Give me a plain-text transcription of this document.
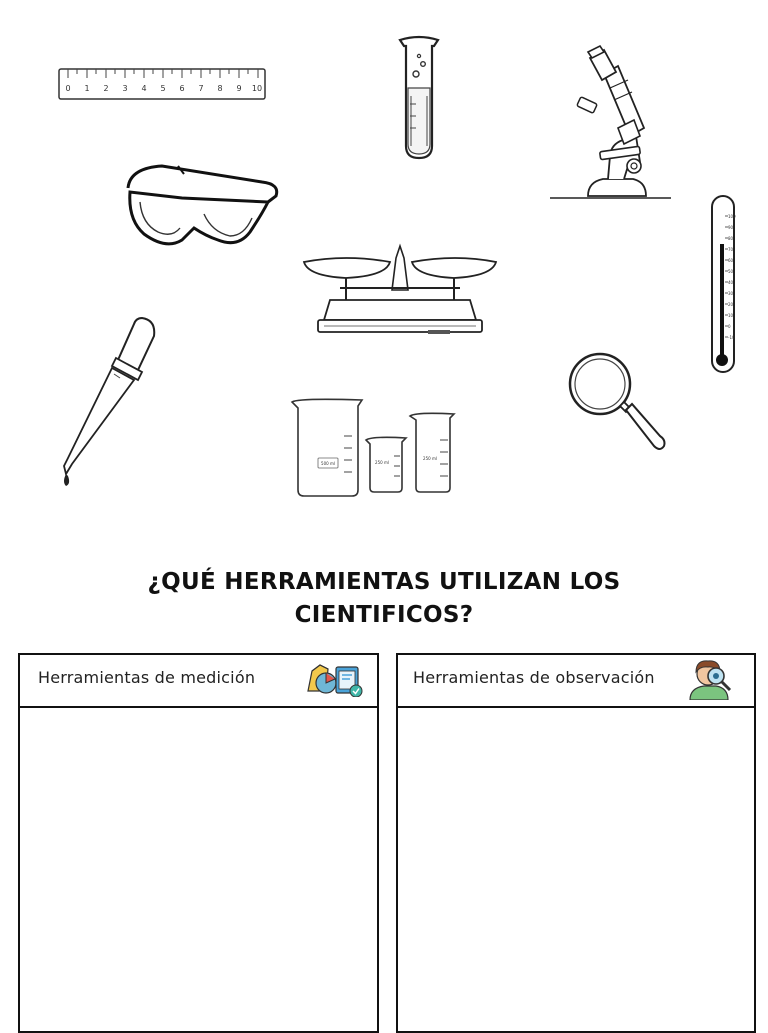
0 1 2 3 4 5 6 7 8 9 10
100
90
80
70
60
50
40
30
20
10
0
-10
500 ml	250 ml
250 ml
¿QUÉ HERRAMIENTAS UTILIZAN LOS
CIENTIFICOS?
Herramientas de medición	Herramientas de observación
